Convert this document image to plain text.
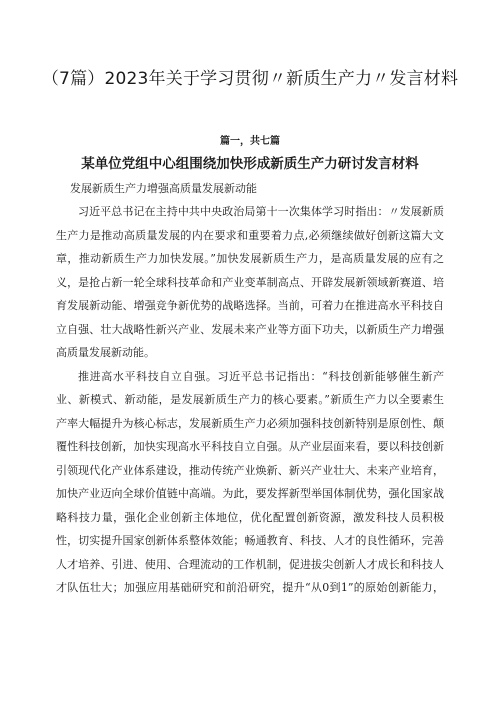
（7篇）2023年关于学习贯彻〃新质生产力〃发言材料

篇一，共七篇

某单位党组中心组围绕加快形成新质生产力研讨发言材料

发展新质生产力增强高质量发展新动能

习近平总书记在主持中共中央政治局第十一次集体学习时指出：〃发展新质
生产力是推动高质量发展的内在要求和重要着力点,必须继续做好创新这篇大文
章，推动新质生产力加快发展。”加快发展新质生产力，是高质量发展的应有之
义，是抢占新一轮全球科技革命和产业变革制高点、开辟发展新领域新赛道、培
育发展新动能、增强竞争新优势的战略选择。当前，可着力在推进高水平科技自
立自强、壮大战略性新兴产业、发展未来产业等方面下功夫，以新质生产力增强
高质量发展新动能。
推进高水平科技自立自强。习近平总书记指出：“科技创新能够催生新产
业、新模式、新动能，是发展新质生产力的核心要素。”新质生产力以全要素生
产率大幅提升为核心标志，发展新质生产力必须加强科技创新特别是原创性、颠
覆性科技创新，加快实现高水平科技自立自强。从产业层面来看，要以科技创新
引领现代化产业体系建设，推动传统产业焕新、新兴产业壮大、未来产业培育，
加快产业迈向全球价值链中高端。为此，要发挥新型举国体制优势，强化国家战
略科技力量，强化企业创新主体地位，优化配置创新资源，激发科技人员积极
性，切实提升国家创新体系整体效能；畅通教育、科技、人才的良性循环，完善
人才培养、引进、使用、合理流动的工作机制，促进拔尖创新人才成长和科技人
才队伍壮大；加强应用基础研究和前沿研究，提升“从0到1”的原始创新能力，
